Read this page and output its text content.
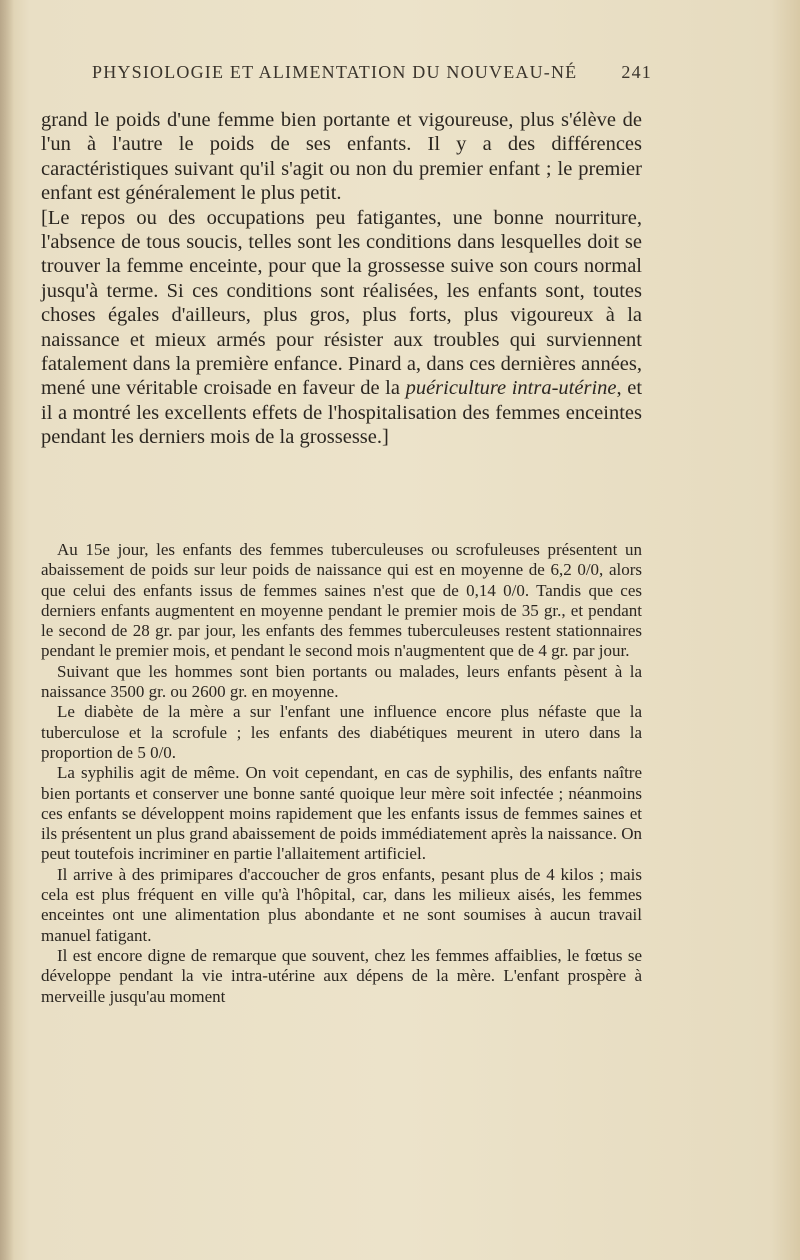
PHYSIOLOGIE ET ALIMENTATION DU NOUVEAU-NÉ 241

grand le poids d'une femme bien portante et vigoureuse, plus s'élève de l'un à l'autre le poids de ses enfants. Il y a des différences caractéristiques suivant qu'il s'agit ou non du premier enfant ; le premier enfant est généralement le plus petit.

[Le repos ou des occupations peu fatigantes, une bonne nourriture, l'absence de tous soucis, telles sont les conditions dans lesquelles doit se trouver la femme enceinte, pour que la grossesse suive son cours normal jusqu'à terme. Si ces conditions sont réalisées, les enfants sont, toutes choses égales d'ailleurs, plus gros, plus forts, plus vigoureux à la naissance et mieux armés pour résister aux troubles qui surviennent fatalement dans la première enfance. Pinard a, dans ces dernières années, mené une véritable croisade en faveur de la puériculture intra-utérine, et il a montré les excellents effets de l'hospitalisation des femmes enceintes pendant les derniers mois de la grossesse.]

Au 15e jour, les enfants des femmes tuberculeuses ou scrofuleuses présentent un abaissement de poids sur leur poids de naissance qui est en moyenne de 6,2 0/0, alors que celui des enfants issus de femmes saines n'est que de 0,14 0/0. Tandis que ces derniers enfants augmentent en moyenne pendant le premier mois de 35 gr., et pendant le second de 28 gr. par jour, les enfants des femmes tuberculeuses restent stationnaires pendant le premier mois, et pendant le second mois n'augmentent que de 4 gr. par jour.

Suivant que les hommes sont bien portants ou malades, leurs enfants pèsent à la naissance 3500 gr. ou 2600 gr. en moyenne.

Le diabète de la mère a sur l'enfant une influence encore plus néfaste que la tuberculose et la scrofule ; les enfants des diabétiques meurent in utero dans la proportion de 5 0/0.

La syphilis agit de même. On voit cependant, en cas de syphilis, des enfants naître bien portants et conserver une bonne santé quoique leur mère soit infectée ; néanmoins ces enfants se développent moins rapidement que les enfants issus de femmes saines et ils présentent un plus grand abaissement de poids immédiatement après la naissance. On peut toutefois incriminer en partie l'allaitement artificiel.

Il arrive à des primipares d'accoucher de gros enfants, pesant plus de 4 kilos ; mais cela est plus fréquent en ville qu'à l'hôpital, car, dans les milieux aisés, les femmes enceintes ont une alimentation plus abondante et ne sont soumises à aucun travail manuel fatigant.

Il est encore digne de remarque que souvent, chez les femmes affaiblies, le fœtus se développe pendant la vie intra-utérine aux dépens de la mère. L'enfant prospère à merveille jusqu'au moment
